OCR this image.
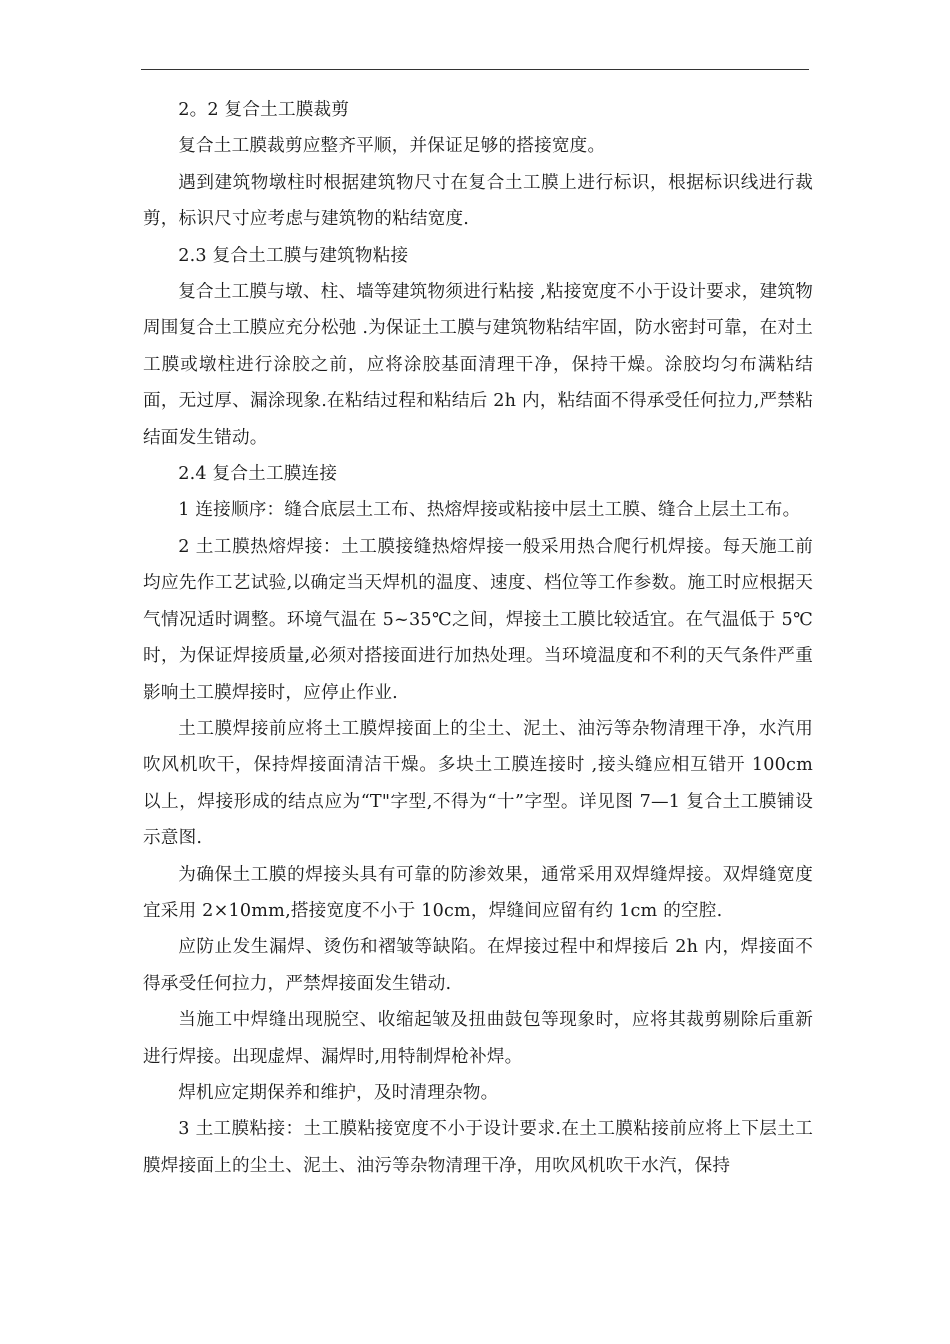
2。2 复合土工膜裁剪

复合土工膜裁剪应整齐平顺，并保证足够的搭接宽度。

遇到建筑物墩柱时根据建筑物尺寸在复合土工膜上进行标识，根据标识线进行裁剪，标识尺寸应考虑与建筑物的粘结宽度.

2.3 复合土工膜与建筑物粘接

复合土工膜与墩、柱、墙等建筑物须进行粘接 ,粘接宽度不小于设计要求，建筑物周围复合土工膜应充分松弛 .为保证土工膜与建筑物粘结牢固，防水密封可靠，在对土工膜或墩柱进行涂胶之前，应将涂胶基面清理干净，保持干燥。涂胶均匀布满粘结面，无过厚、漏涂现象.在粘结过程和粘结后 2h 内，粘结面不得承受任何拉力,严禁粘结面发生错动。

2.4 复合土工膜连接

1 连接顺序：缝合底层土工布、热熔焊接或粘接中层土工膜、缝合上层土工布。

2 土工膜热熔焊接：土工膜接缝热熔焊接一般采用热合爬行机焊接。每天施工前均应先作工艺试验,以确定当天焊机的温度、速度、档位等工作参数。施工时应根据天气情况适时调整。环境气温在 5~35℃之间，焊接土工膜比较适宜。在气温低于 5℃时，为保证焊接质量,必须对搭接面进行加热处理。当环境温度和不利的天气条件严重影响土工膜焊接时，应停止作业.

土工膜焊接前应将土工膜焊接面上的尘土、泥土、油污等杂物清理干净，水汽用吹风机吹干，保持焊接面清洁干燥。多块土工膜连接时 ,接头缝应相互错开 100cm 以上，焊接形成的结点应为“T"字型,不得为“十”字型。详见图 7—1 复合土工膜铺设示意图.

为确保土工膜的焊接头具有可靠的防渗效果，通常采用双焊缝焊接。双焊缝宽度宜采用 2×10mm,搭接宽度不小于 10cm，焊缝间应留有约 1cm 的空腔.

应防止发生漏焊、烫伤和褶皱等缺陷。在焊接过程中和焊接后 2h 内，焊接面不得承受任何拉力，严禁焊接面发生错动.

当施工中焊缝出现脱空、收缩起皱及扭曲鼓包等现象时，应将其裁剪剔除后重新进行焊接。出现虚焊、漏焊时,用特制焊枪补焊。

焊机应定期保养和维护，及时清理杂物。

3 土工膜粘接：土工膜粘接宽度不小于设计要求.在土工膜粘接前应将上下层土工膜焊接面上的尘土、泥土、油污等杂物清理干净，用吹风机吹干水汽，保持
